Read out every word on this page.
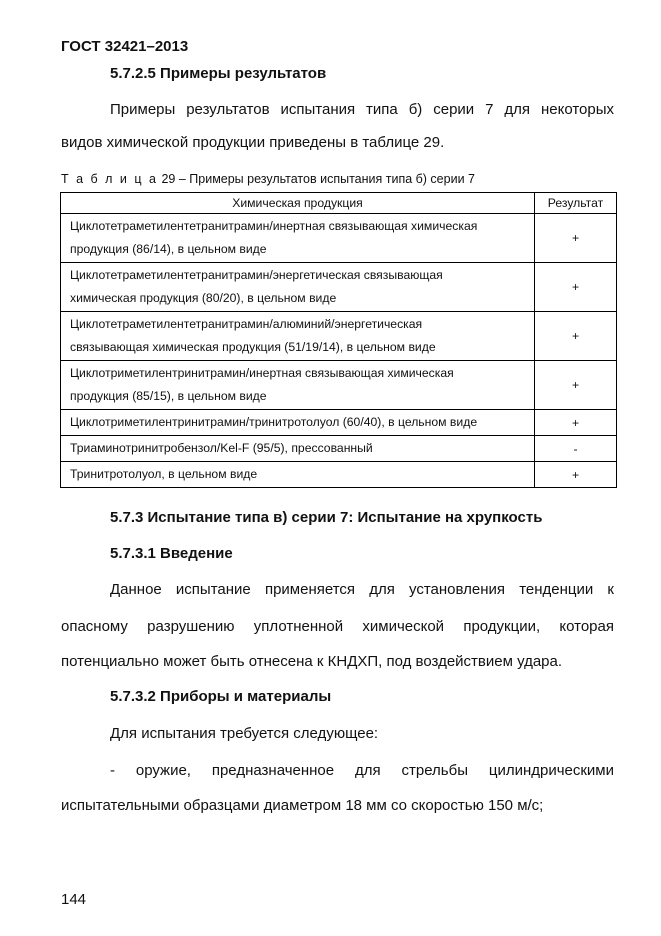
ГОСТ 32421–2013
5.7.2.5 Примеры результатов
Примеры результатов испытания типа б) серии 7 для некоторых
видов химической продукции приведены в таблице 29.
Т а б л и ц а 29 – Примеры результатов испытания типа б) серии 7
Химическая продукция	Результат

Циклотетраметилентетранитрамин/инертная связывающая химическая
продукция (86/14), в цельном виде	+

Циклотетраметилентетранитрамин/энергетическая связывающая
химическая продукция (80/20), в цельном виде	+

Циклотетраметилентетранитрамин/алюминий/энергетическая
связывающая химическая продукция (51/19/14), в цельном виде	+

Циклотриметилентринитрамин/инертная связывающая химическая
продукция (85/15), в цельном виде	+
Циклотриметилентринитрамин/тринитротолуол (60/40), в цельном виде	+
Триаминотринитробензол/Kel-F (95/5), прессованный	-
Тринитротолуол, в цельном виде	+
5.7.3 Испытание типа в) серии 7: Испытание на хрупкость
5.7.3.1 Введение
Данное испытание применяется для установления тенденции к
опасному разрушению уплотненной химической продукции, которая
потенциально может быть отнесена к КНДХП, под воздействием удара.
5.7.3.2 Приборы и материалы
Для испытания требуется следующее:
- оружие, предназначенное для стрельбы цилиндрическими
испытательными образцами диаметром 18 мм со скоростью 150 м/с;
144
